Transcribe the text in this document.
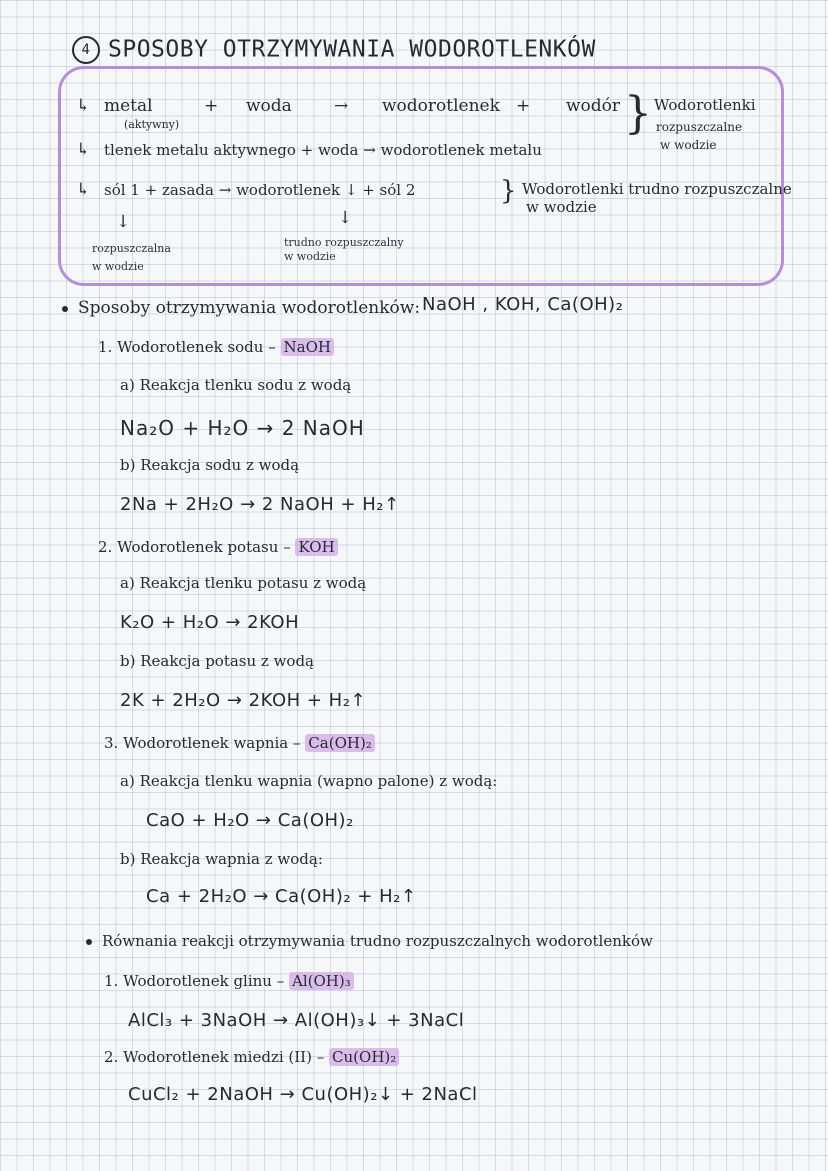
4 SPOSOBY OTRZYMYWANIA WODOROTLENKÓW
↳ metal
(aktywny)
+ woda → wodorotlenek + wodór
↳ tlenek metalu aktywnego + woda → wodorotlenek metalu
} Wodorotlenki
rozpuszczalne
w wodzie
↳ sól 1 + zasada → wodorotlenek ↓ + sól 2	} Wodorotlenki trudno rozpuszczalne
w wodzie
↓
rozpuszczalna
w wodzie
↓
trudno rozpuszczalny
w wodzie
Sposoby otrzymywania wodorotlenków: NaOH , KOH, Ca(OH)₂
1. Wodorotlenek sodu – NaOH
a) Reakcja tlenku sodu z wodą
Na₂O + H₂O → 2 NaOH
b) Reakcja sodu z wodą
2Na + 2H₂O → 2 NaOH + H₂↑
2. Wodorotlenek potasu – KOH
a) Reakcja tlenku potasu z wodą
K₂O + H₂O → 2KOH
b) Reakcja potasu z wodą
2K + 2H₂O → 2KOH + H₂↑
3. Wodorotlenek wapnia – Ca(OH)₂
a) Reakcja tlenku wapnia (wapno palone) z wodą:
CaO + H₂O → Ca(OH)₂
b) Reakcja wapnia z wodą:
Ca + 2H₂O → Ca(OH)₂ + H₂↑
Równania reakcji otrzymywania trudno rozpuszczalnych wodorotlenków
1. Wodorotlenek glinu – Al(OH)₃
AlCl₃ + 3NaOH → Al(OH)₃↓ + 3NaCl
2. Wodorotlenek miedzi (II) – Cu(OH)₂
CuCl₂ + 2NaOH → Cu(OH)₂↓ + 2NaCl
